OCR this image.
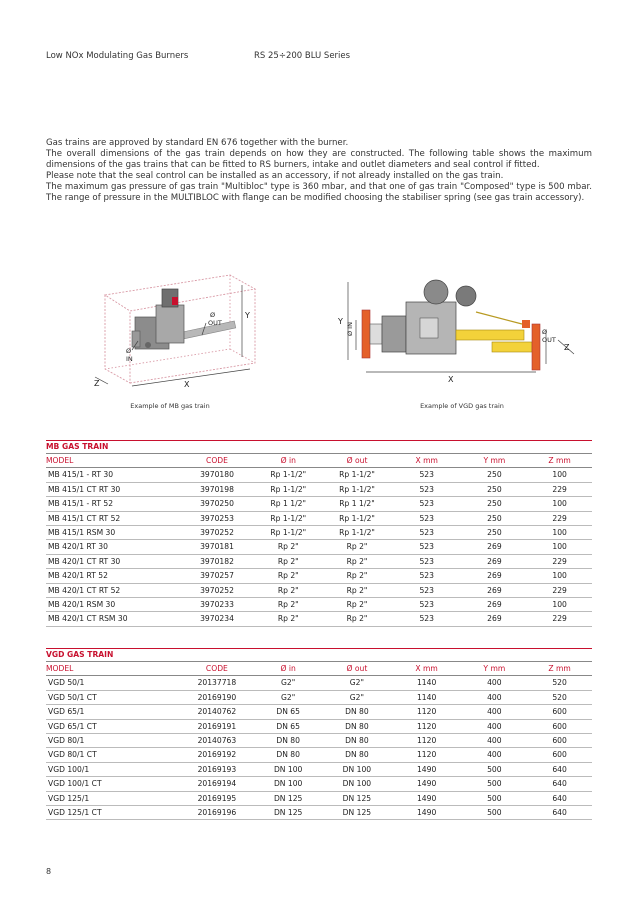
Low NOx Modulating Gas Burners	RS 25÷200 BLU Series

Gas trains are approved by standard EN 676 together with the burner.

The overall dimensions of the gas train depends on how they are constructed. The following table shows the maximum dimensions of the gas trains that can be fitted to RS burners, intake and outlet diameters and seal control if fitted.

Please note that the seal control can be installed as an accessory, if not already installed on the gas train.

The maximum gas pressure of gas train "Multibloc" type is 360 mbar, and that one of gas train "Composed" type is 500 mbar. The range of pressure in the MULTIBLOC with flange can be modified choosing the stabiliser spring (see gas train accessory).

Y
Ø
OUT
Ø
IN
Z	X
Example of MB gas train
Y
Ø IN	Ø
OUT
Z
X
Example of VGD gas train
MB GAS TRAIN						
MODEL	CODE	Ø in	Ø out	X mm	Y mm	Z mm
MB 415/1 - RT 30	3970180	Rp 1-1/2"	Rp 1-1/2"	523	250	100
MB 415/1 CT RT 30	3970198	Rp 1-1/2"	Rp 1-1/2"	523	250	229
MB 415/1 - RT 52	3970250	Rp 1 1/2"	Rp 1 1/2"	523	250	100
MB 415/1 CT RT 52	3970253	Rp 1-1/2"	Rp 1-1/2"	523	250	229
MB 415/1 RSM 30	3970252	Rp 1-1/2"	Rp 1-1/2"	523	250	100
MB 420/1 RT 30	3970181	Rp 2"	Rp 2"	523	269	100
MB 420/1 CT RT 30	3970182	Rp 2"	Rp 2"	523	269	229
MB 420/1 RT 52	3970257	Rp 2"	Rp 2"	523	269	100
MB 420/1 CT RT 52	3970252	Rp 2"	Rp 2"	523	269	229
MB 420/1 RSM 30	3970233	Rp 2"	Rp 2"	523	269	100
MB 420/1 CT RSM 30	3970234	Rp 2"	Rp 2"	523	269	229
VGD GAS TRAIN						
MODEL	CODE	Ø in	Ø out	X mm	Y mm	Z mm
VGD 50/1	20137718	G2"	G2"	1140	400	520
VGD 50/1 CT	20169190	G2"	G2"	1140	400	520
VGD 65/1	20140762	DN 65	DN 80	1120	400	600
VGD 65/1 CT	20169191	DN 65	DN 80	1120	400	600
VGD 80/1	20140763	DN 80	DN 80	1120	400	600
VGD 80/1 CT	20169192	DN 80	DN 80	1120	400	600
VGD 100/1	20169193	DN 100	DN 100	1490	500	640
VGD 100/1 CT	20169194	DN 100	DN 100	1490	500	640
VGD 125/1	20169195	DN 125	DN 125	1490	500	640
VGD 125/1 CT	20169196	DN 125	DN 125	1490	500	640
8
